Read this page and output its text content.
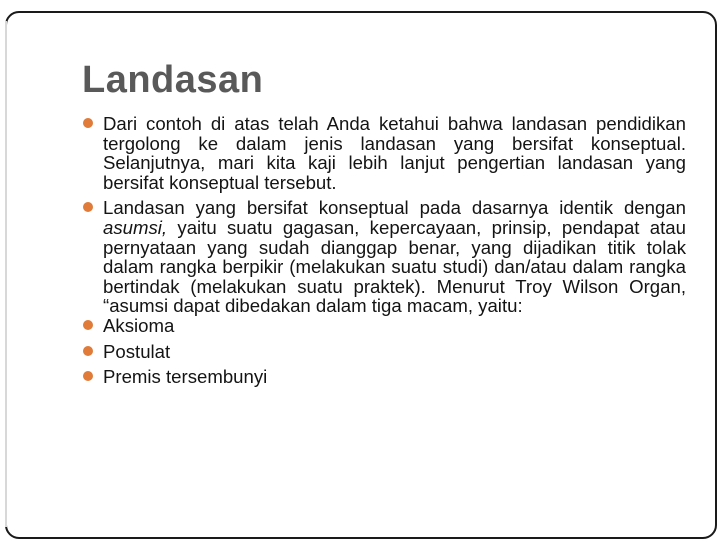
Landasan
Dari contoh di atas telah Anda ketahui bahwa landasan pendidikan tergolong ke dalam jenis landasan yang bersifat konseptual. Selanjutnya, mari kita kaji lebih lanjut pengertian landasan yang bersifat konseptual tersebut.
Landasan yang bersifat konseptual pada dasarnya identik dengan asumsi, yaitu suatu gagasan, kepercayaan, prinsip, pendapat atau pernyataan yang sudah dianggap benar, yang dijadikan titik tolak dalam rangka berpikir (melakukan suatu studi) dan/atau dalam rangka bertindak (melakukan suatu praktek). Menurut Troy Wilson Organ, “asumsi dapat dibedakan dalam tiga macam, yaitu:
Aksioma
Postulat
Premis tersembunyi
